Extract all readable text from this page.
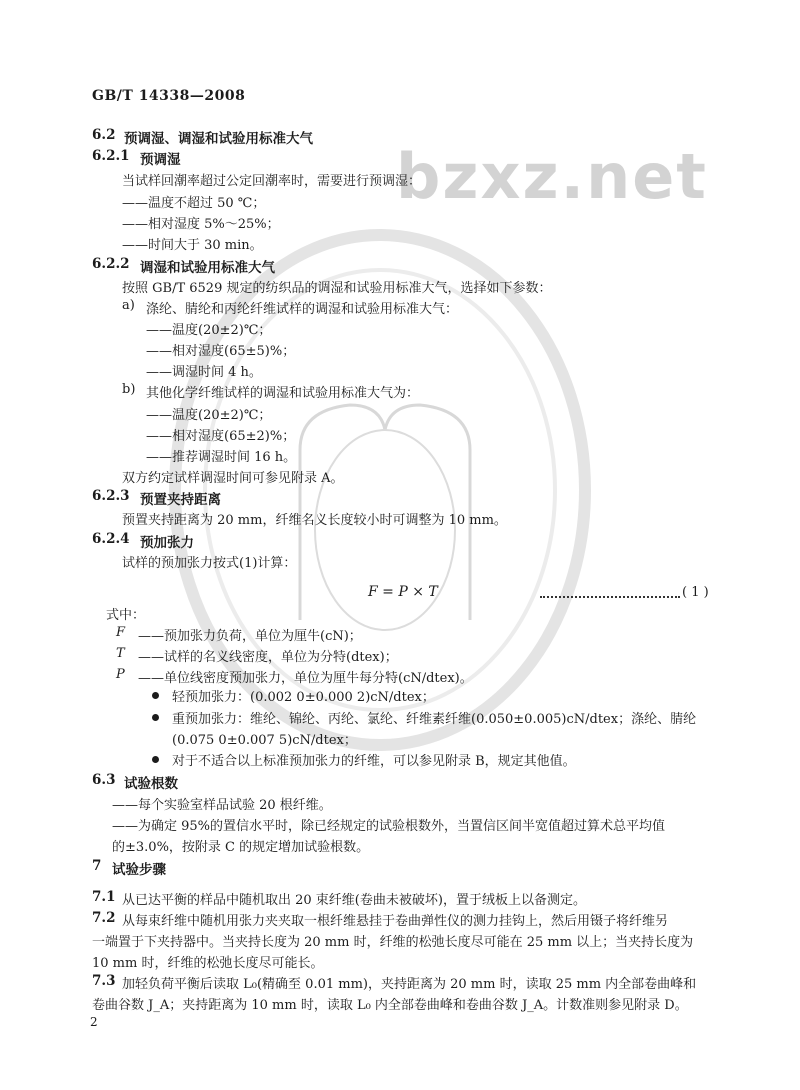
bzxz.net
GB/T 14338—2008
6.2 预调湿、调湿和试验用标准大气
6.2.1 预调湿
当试样回潮率超过公定回潮率时，需要进行预调湿：
——温度不超过 50 ℃；
——相对湿度 5%～25%；
——时间大于 30 min。
6.2.2 调湿和试验用标准大气
按照 GB/T 6529 规定的纺织品的调湿和试验用标准大气，选择如下参数：
a) 涤纶、腈纶和丙纶纤维试样的调湿和试验用标准大气：
——温度(20±2)℃；
——相对湿度(65±5)%；
——调湿时间 4 h。
b) 其他化学纤维试样的调湿和试验用标准大气为：
——温度(20±2)℃；
——相对湿度(65±2)%；
——推荐调湿时间 16 h。
双方约定试样调湿时间可参见附录 A。
6.2.3 预置夹持距离
预置夹持距离为 20 mm，纤维名义长度较小时可调整为 10 mm。
6.2.4 预加张力
试样的预加张力按式(1)计算：
F = P × T	( 1 )
式中：
F ——预加张力负荷，单位为厘牛(cN)；
T ——试样的名义线密度，单位为分特(dtex)；
P ——单位线密度预加张力，单位为厘牛每分特(cN/dtex)。
轻预加张力：(0.002 0±0.000 2)cN/dtex；
重预加张力：维纶、锦纶、丙纶、氯纶、纤维素纤维(0.050±0.005)cN/dtex；涤纶、腈纶
(0.075 0±0.007 5)cN/dtex；
对于不适合以上标准预加张力的纤维，可以参见附录 B，规定其他值。
6.3 试验根数
——每个实验室样品试验 20 根纤维。
——为确定 95%的置信水平时，除已经规定的试验根数外，当置信区间半宽值超过算术总平均值
的±3.0%，按附录 C 的规定增加试验根数。
7 试验步骤
7.1 从已达平衡的样品中随机取出 20 束纤维(卷曲未被破坏)，置于绒板上以备测定。
7.2 从每束纤维中随机用张力夹夹取一根纤维悬挂于卷曲弹性仪的测力挂钩上，然后用镊子将纤维另
一端置于下夹持器中。当夹持长度为 20 mm 时，纤维的松弛长度尽可能在 25 mm 以上；当夹持长度为
10 mm 时，纤维的松弛长度尽可能长。
7.3 加轻负荷平衡后读取 L₀(精确至 0.01 mm)，夹持距离为 20 mm 时，读取 25 mm 内全部卷曲峰和
卷曲谷数 J_A；夹持距离为 10 mm 时，读取 L₀ 内全部卷曲峰和卷曲谷数 J_A。计数准则参见附录 D。
2
